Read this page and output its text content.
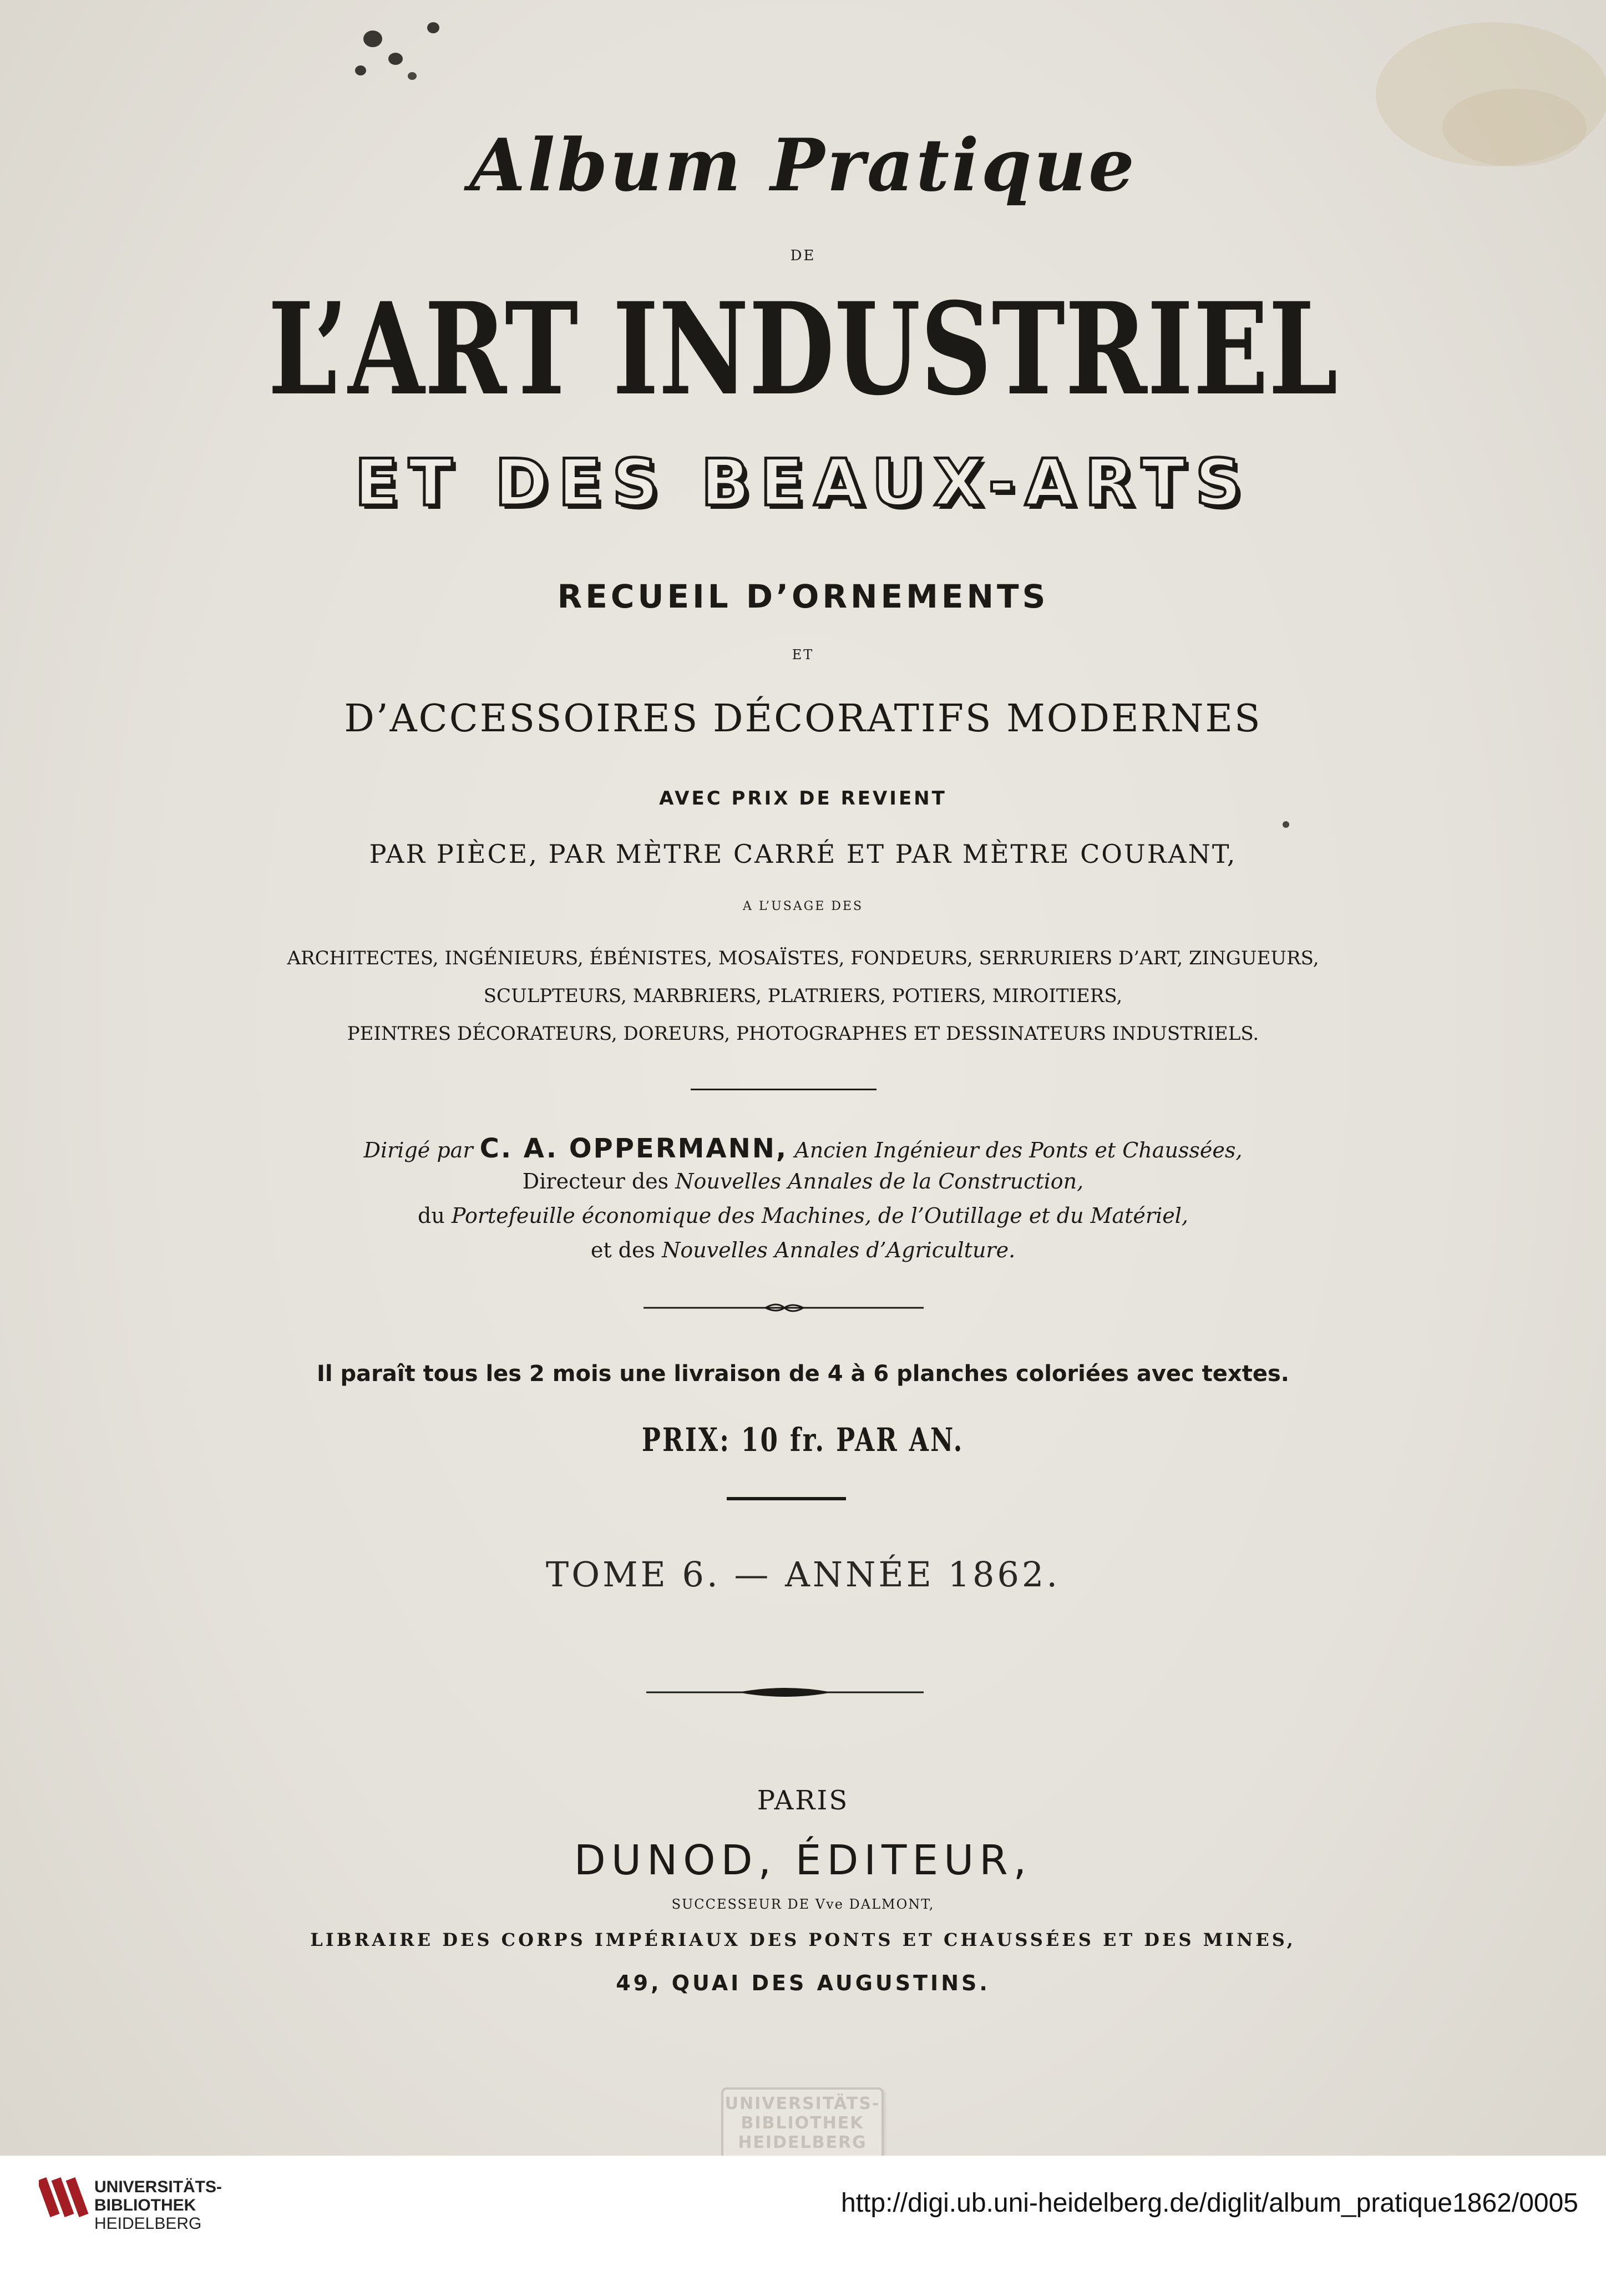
Album Pratique
DE
L’ART INDUSTRIEL
ET DES BEAUX-ARTS
RECUEIL D’ORNEMENTS
ET
D’ACCESSOIRES DÉCORATIFS MODERNES
AVEC PRIX DE REVIENT
PAR PIÈCE, PAR MÈTRE CARRÉ ET PAR MÈTRE COURANT,
A L’USAGE DES
ARCHITECTES, INGÉNIEURS, ÉBÉNISTES, MOSAÏSTES, FONDEURS, SERRURIERS D’ART, ZINGUEURS,
SCULPTEURS, MARBRIERS, PLATRIERS, POTIERS, MIROITIERS,
PEINTRES DÉCORATEURS, DOREURS, PHOTOGRAPHES ET DESSINATEURS INDUSTRIELS.
Dirigé par C. A. OPPERMANN, Ancien Ingénieur des Ponts et Chaussées,
Directeur des Nouvelles Annales de la Construction,
du Portefeuille économique des Machines, de l’Outillage et du Matériel,
et des Nouvelles Annales d’Agriculture.
Il paraît tous les 2 mois une livraison de 4 à 6 planches coloriées avec textes.
PRIX: 10 fr. PAR AN.
TOME 6. — ANNÉE 1862.
PARIS
DUNOD, ÉDITEUR,
SUCCESSEUR DE Vve DALMONT,
LIBRAIRE DES CORPS IMPÉRIAUX DES PONTS ET CHAUSSÉES ET DES MINES,
49, QUAI DES AUGUSTINS.
UNIVERSITÄTS-
BIBLIOTHEK
HEIDELBERG
UNIVERSITÄTS-
BIBLIOTHEK
HEIDELBERG
http://digi.ub.uni-heidelberg.de/diglit/album_pratique1862/0005
